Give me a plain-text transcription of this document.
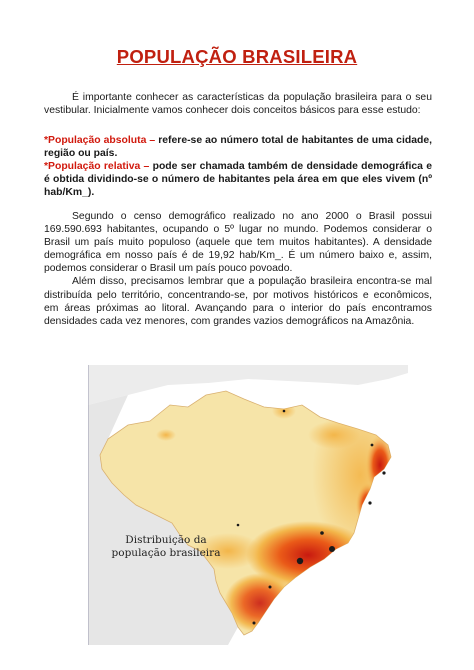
POPULAÇÃO BRASILEIRA
É importante conhecer as características da população brasileira para o seu vestibular. Inicialmente vamos conhecer dois conceitos básicos para esse estudo:
*População absoluta – refere-se ao número total de habitantes de uma cidade, região ou país.
*População relativa – pode ser chamada também de densidade demográfica e é obtida dividindo-se o número de habitantes pela área em que eles vivem (nº hab/Km_).
Segundo o censo demográfico realizado no ano 2000 o Brasil possui 169.590.693 habitantes, ocupando o 5º lugar no mundo. Podemos considerar o Brasil um país muito populoso (aquele que tem muitos habitantes). A densidade demográfica em nosso país é de 19,92 hab/Km_. É um número baixo e, assim, podemos considerar o Brasil um país pouco povoado.
Além disso, precisamos lembrar que a população brasileira encontra-se mal distribuída pelo território, concentrando-se, por motivos históricos e econômicos, em áreas próximas ao litoral. Avançando para o interior do país encontramos densidades cada vez menores, com grandes vazios demográficos na Amazônia.
Distribuição da
população brasileira
